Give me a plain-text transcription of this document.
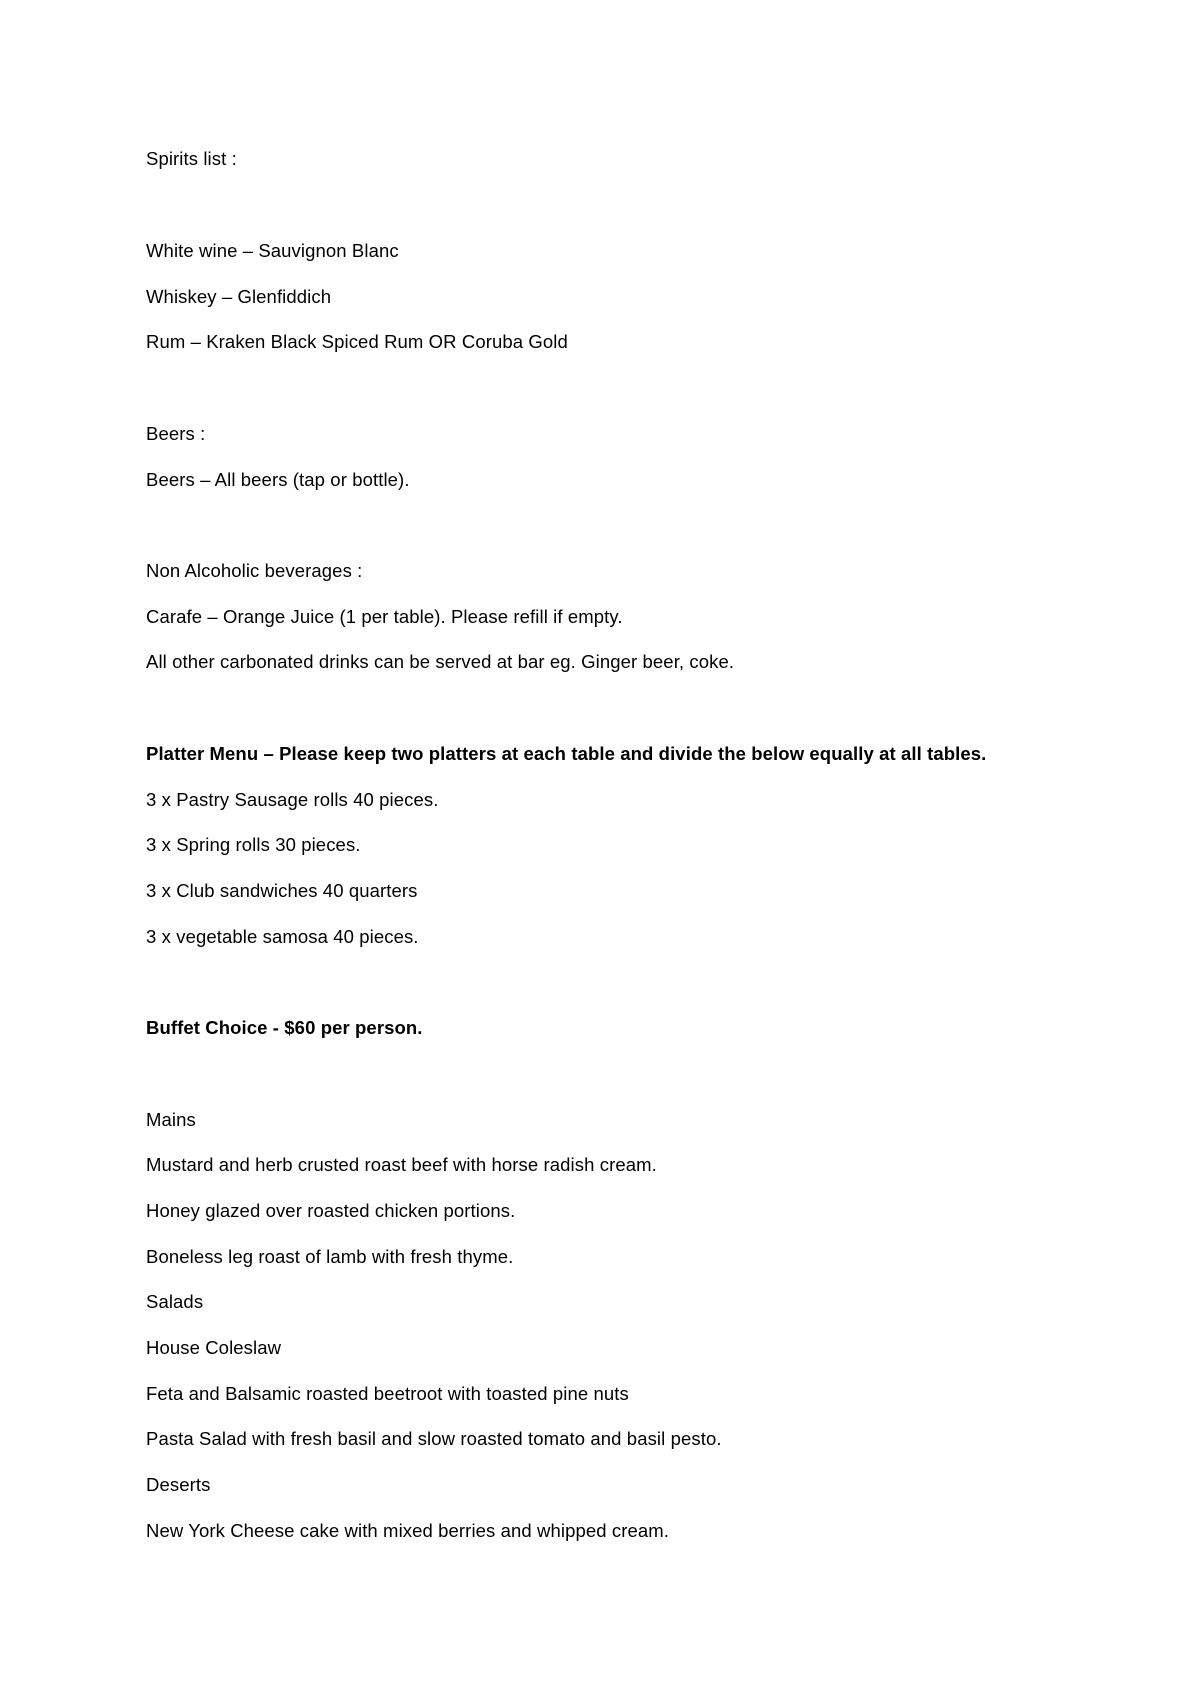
Spirits list :
White wine – Sauvignon Blanc
Whiskey – Glenfiddich
Rum – Kraken Black Spiced Rum OR Coruba Gold
Beers :
Beers – All beers (tap or bottle).
Non Alcoholic beverages :
Carafe – Orange Juice (1 per table). Please refill if empty.
All other carbonated drinks can be served at bar eg. Ginger beer, coke.
Platter Menu – Please keep two platters at each table and divide the below equally at all tables.
3 x Pastry Sausage rolls 40 pieces.
3 x Spring rolls 30 pieces.
3 x Club sandwiches 40 quarters
3 x vegetable samosa 40 pieces.
Buffet Choice - $60 per person.
Mains
Mustard and herb crusted roast beef with horse radish cream.
Honey glazed over roasted chicken portions.
Boneless leg roast of lamb with fresh thyme.
Salads
House Coleslaw
Feta and Balsamic roasted beetroot with toasted pine nuts
Pasta Salad with fresh basil and slow roasted tomato and basil pesto.
Deserts
New York Cheese cake with mixed berries and whipped cream.
